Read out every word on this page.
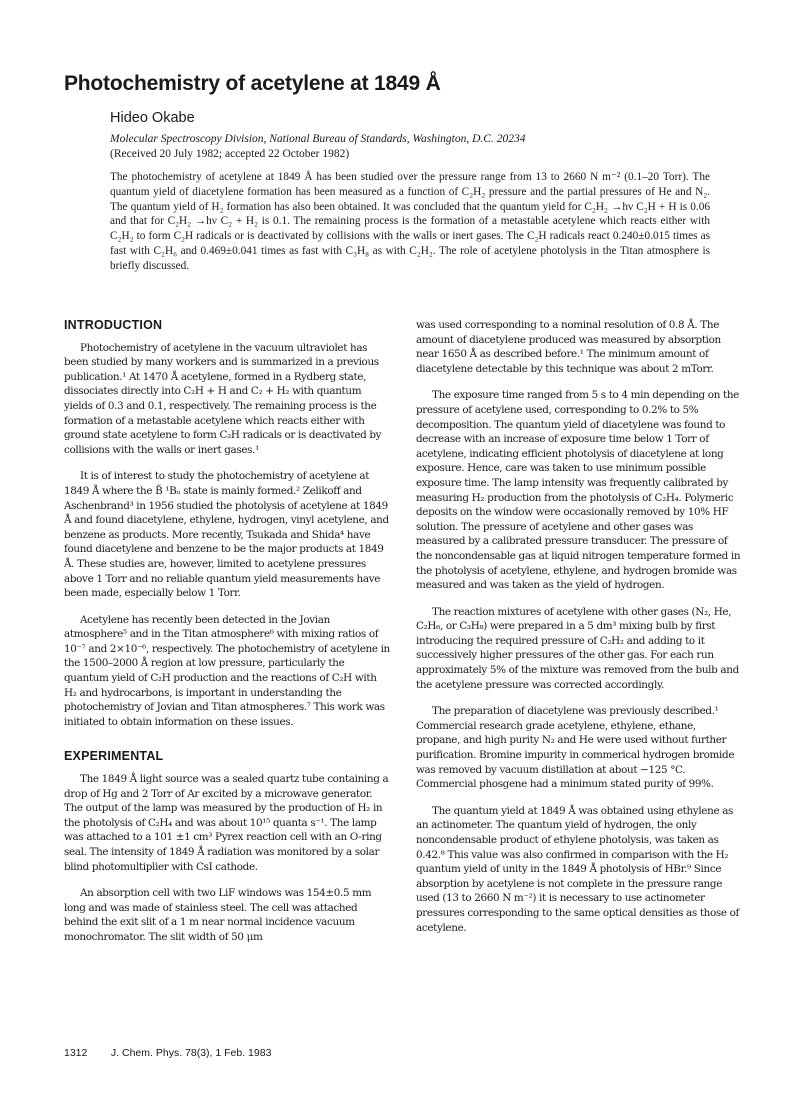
Photochemistry of acetylene at 1849 Å
Hideo Okabe
Molecular Spectroscopy Division, National Bureau of Standards, Washington, D.C. 20234
(Received 20 July 1982; accepted 22 October 1982)

The photochemistry of acetylene at 1849 Å has been studied over the pressure range from 13 to 2660 N m⁻² (0.1–20 Torr). The quantum yield of diacetylene formation has been measured as a function of C₂H₂ pressure and the partial pressures of He and N₂. The quantum yield of H₂ formation has also been obtained. It was concluded that the quantum yield for C₂H₂ →hν C₂H + H is 0.06 and that for C₂H₂ →hν C₂ + H₂ is 0.1. The remaining process is the formation of a metastable acetylene which reacts either with C₂H₂ to form C₂H radicals or is deactivated by collisions with the walls or inert gases. The C₂H radicals react 0.240±0.015 times as fast with C₂H₆ and 0.469±0.041 times as fast with C₃H₈ as with C₂H₂. The role of acetylene photolysis in the Titan atmosphere is briefly discussed.

INTRODUCTION

Photochemistry of acetylene in the vacuum ultraviolet has been studied by many workers and is summarized in a previous publication.¹ At 1470 Å acetylene, formed in a Rydberg state, dissociates directly into C₂H + H and C₂ + H₂ with quantum yields of 0.3 and 0.1, respectively. The remaining process is the formation of a metastable acetylene which reacts either with ground state acetylene to form C₂H radicals or is deactivated by collisions with the walls or inert gases.¹

It is of interest to study the photochemistry of acetylene at 1849 Å where the B̃ ¹Bᵤ state is mainly formed.² Zelikoff and Aschenbrand³ in 1956 studied the photolysis of acetylene at 1849 Å and found diacetylene, ethylene, hydrogen, vinyl acetylene, and benzene as products. More recently, Tsukada and Shida⁴ have found diacetylene and benzene to be the major products at 1849 Å. These studies are, however, limited to acetylene pressures above 1 Torr and no reliable quantum yield measurements have been made, especially below 1 Torr.

Acetylene has recently been detected in the Jovian atmosphere⁵ and in the Titan atmosphere⁶ with mixing ratios of 10⁻⁷ and 2×10⁻⁶, respectively. The photochemistry of acetylene in the 1500–2000 Å region at low pressure, particularly the quantum yield of C₂H production and the reactions of C₂H with H₂ and hydrocarbons, is important in understanding the photochemistry of Jovian and Titan atmospheres.⁷ This work was initiated to obtain information on these issues.

EXPERIMENTAL

The 1849 Å light source was a sealed quartz tube containing a drop of Hg and 2 Torr of Ar excited by a microwave generator. The output of the lamp was measured by the production of H₂ in the photolysis of C₂H₄ and was about 10¹⁵ quanta s⁻¹. The lamp was attached to a 101 ±1 cm³ Pyrex reaction cell with an O-ring seal. The intensity of 1849 Å radiation was monitored by a solar blind photomultiplier with CsI cathode.

An absorption cell with two LiF windows was 154±0.5 mm long and was made of stainless steel. The cell was attached behind the exit slit of a 1 m near normal incidence vacuum monochromator. The slit width of 50 μm

was used corresponding to a nominal resolution of 0.8 Å. The amount of diacetylene produced was measured by absorption near 1650 Å as described before.¹ The minimum amount of diacetylene detectable by this technique was about 2 mTorr.

The exposure time ranged from 5 s to 4 min depending on the pressure of acetylene used, corresponding to 0.2% to 5% decomposition. The quantum yield of diacetylene was found to decrease with an increase of exposure time below 1 Torr of acetylene, indicating efficient photolysis of diacetylene at long exposure. Hence, care was taken to use minimum possible exposure time. The lamp intensity was frequently calibrated by measuring H₂ production from the photolysis of C₂H₄. Polymeric deposits on the window were occasionally removed by 10% HF solution. The pressure of acetylene and other gases was measured by a calibrated pressure transducer. The pressure of the noncondensable gas at liquid nitrogen temperature formed in the photolysis of acetylene, ethylene, and hydrogen bromide was measured and was taken as the yield of hydrogen.

The reaction mixtures of acetylene with other gases (N₂, He, C₂H₆, or C₃H₈) were prepared in a 5 dm³ mixing bulb by first introducing the required pressure of C₂H₂ and adding to it successively higher pressures of the other gas. For each run approximately 5% of the mixture was removed from the bulb and the acetylene pressure was corrected accordingly.

The preparation of diacetylene was previously described.¹ Commercial research grade acetylene, ethylene, ethane, propane, and high purity N₂ and He were used without further purification. Bromine impurity in commerical hydrogen bromide was removed by vacuum distillation at about −125 °C. Commercial phosgene had a minimum stated purity of 99%.

The quantum yield at 1849 Å was obtained using ethylene as an actinometer. The quantum yield of hydrogen, the only noncondensable product of ethylene photolysis, was taken as 0.42.⁸ This value was also confirmed in comparison with the H₂ quantum yield of unity in the 1849 Å photolysis of HBr.⁹ Since absorption by acetylene is not complete in the pressure range used (13 to 2660 N m⁻²) it is necessary to use actinometer pressures corresponding to the same optical densities as those of acetylene.

1312 J. Chem. Phys. 78(3), 1 Feb. 1983
